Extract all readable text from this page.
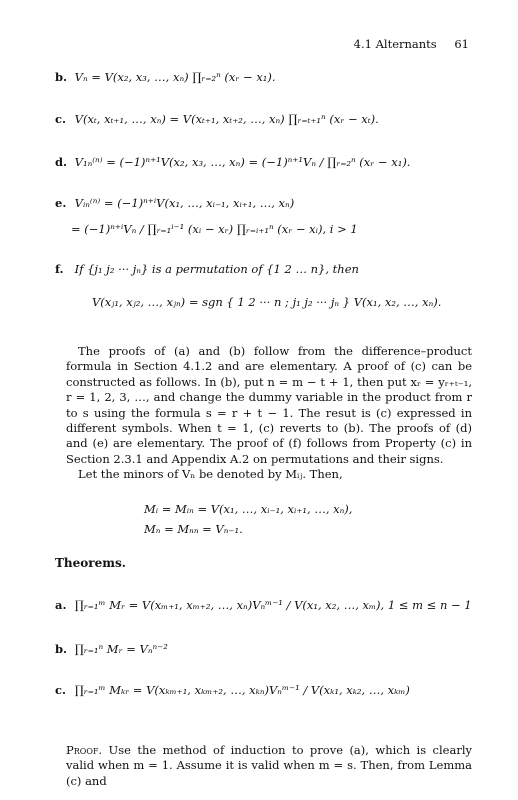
4.1 Alternants 61
b. Vₙ = V(x₂, x₃, …, xₙ) ∏ᵣ₌₂ⁿ (xᵣ − x₁).
c. V(xₜ, xₜ₊₁, …, xₙ) = V(xₜ₊₁, xₜ₊₂, …, xₙ) ∏ᵣ₌ₜ₊₁ⁿ (xᵣ − xₜ).
d. V₁ₙ⁽ⁿ⁾ = (−1)ⁿ⁺¹V(x₂, x₃, …, xₙ) = (−1)ⁿ⁺¹Vₙ / ∏ᵣ₌₂ⁿ (xᵣ − x₁).
e. Vᵢₙ⁽ⁿ⁾ = (−1)ⁿ⁺ⁱV(x₁, …, xᵢ₋₁, xᵢ₊₁, …, xₙ)
= (−1)ⁿ⁺ⁱVₙ / ∏ᵣ₌₁ⁱ⁻¹ (xᵢ − xᵣ) ∏ᵣ₌ᵢ₊₁ⁿ (xᵣ − xᵢ), i > 1
f. If {j₁ j₂ ··· jₙ} is a permutation of {1 2 … n}, then
V(xⱼ₁, xⱼ₂, …, xⱼₙ) = sgn { 1 2 ··· n ; j₁ j₂ ··· jₙ } V(x₁, x₂, …, xₙ).

The proofs of (a) and (b) follow from the difference–product formula in Section 4.1.2 and are elementary. A proof of (c) can be constructed as follows. In (b), put n = m − t + 1, then put xᵣ = yᵣ₊ₜ₋₁, r = 1, 2, 3, …, and change the dummy variable in the product from r to s using the formula s = r + t − 1. The resut is (c) expressed in different symbols. When t = 1, (c) reverts to (b). The proofs of (d) and (e) are elementary. The proof of (f) follows from Property (c) in Section 2.3.1 and Appendix A.2 on permutations and their signs.

Let the minors of Vₙ be denoted by Mᵢⱼ. Then,

Mᵢ = Mᵢₙ = V(x₁, …, xᵢ₋₁, xᵢ₊₁, …, xₙ),
Mₙ = Mₙₙ = Vₙ₋₁.
Theorems.
a. ∏ᵣ₌₁ᵐ Mᵣ = V(xₘ₊₁, xₘ₊₂, …, xₙ)Vₙᵐ⁻¹ / V(x₁, x₂, …, xₘ), 1 ≤ m ≤ n − 1
b. ∏ᵣ₌₁ⁿ Mᵣ = Vₙⁿ⁻²
c. ∏ᵣ₌₁ᵐ Mₖᵣ = V(xₖₘ₊₁, xₖₘ₊₂, …, xₖₙ)Vₙᵐ⁻¹ / V(xₖ₁, xₖ₂, …, xₖₘ)
Proof. Use the method of induction to prove (a), which is clearly valid when m = 1. Assume it is valid when m = s. Then, from Lemma (c) and
